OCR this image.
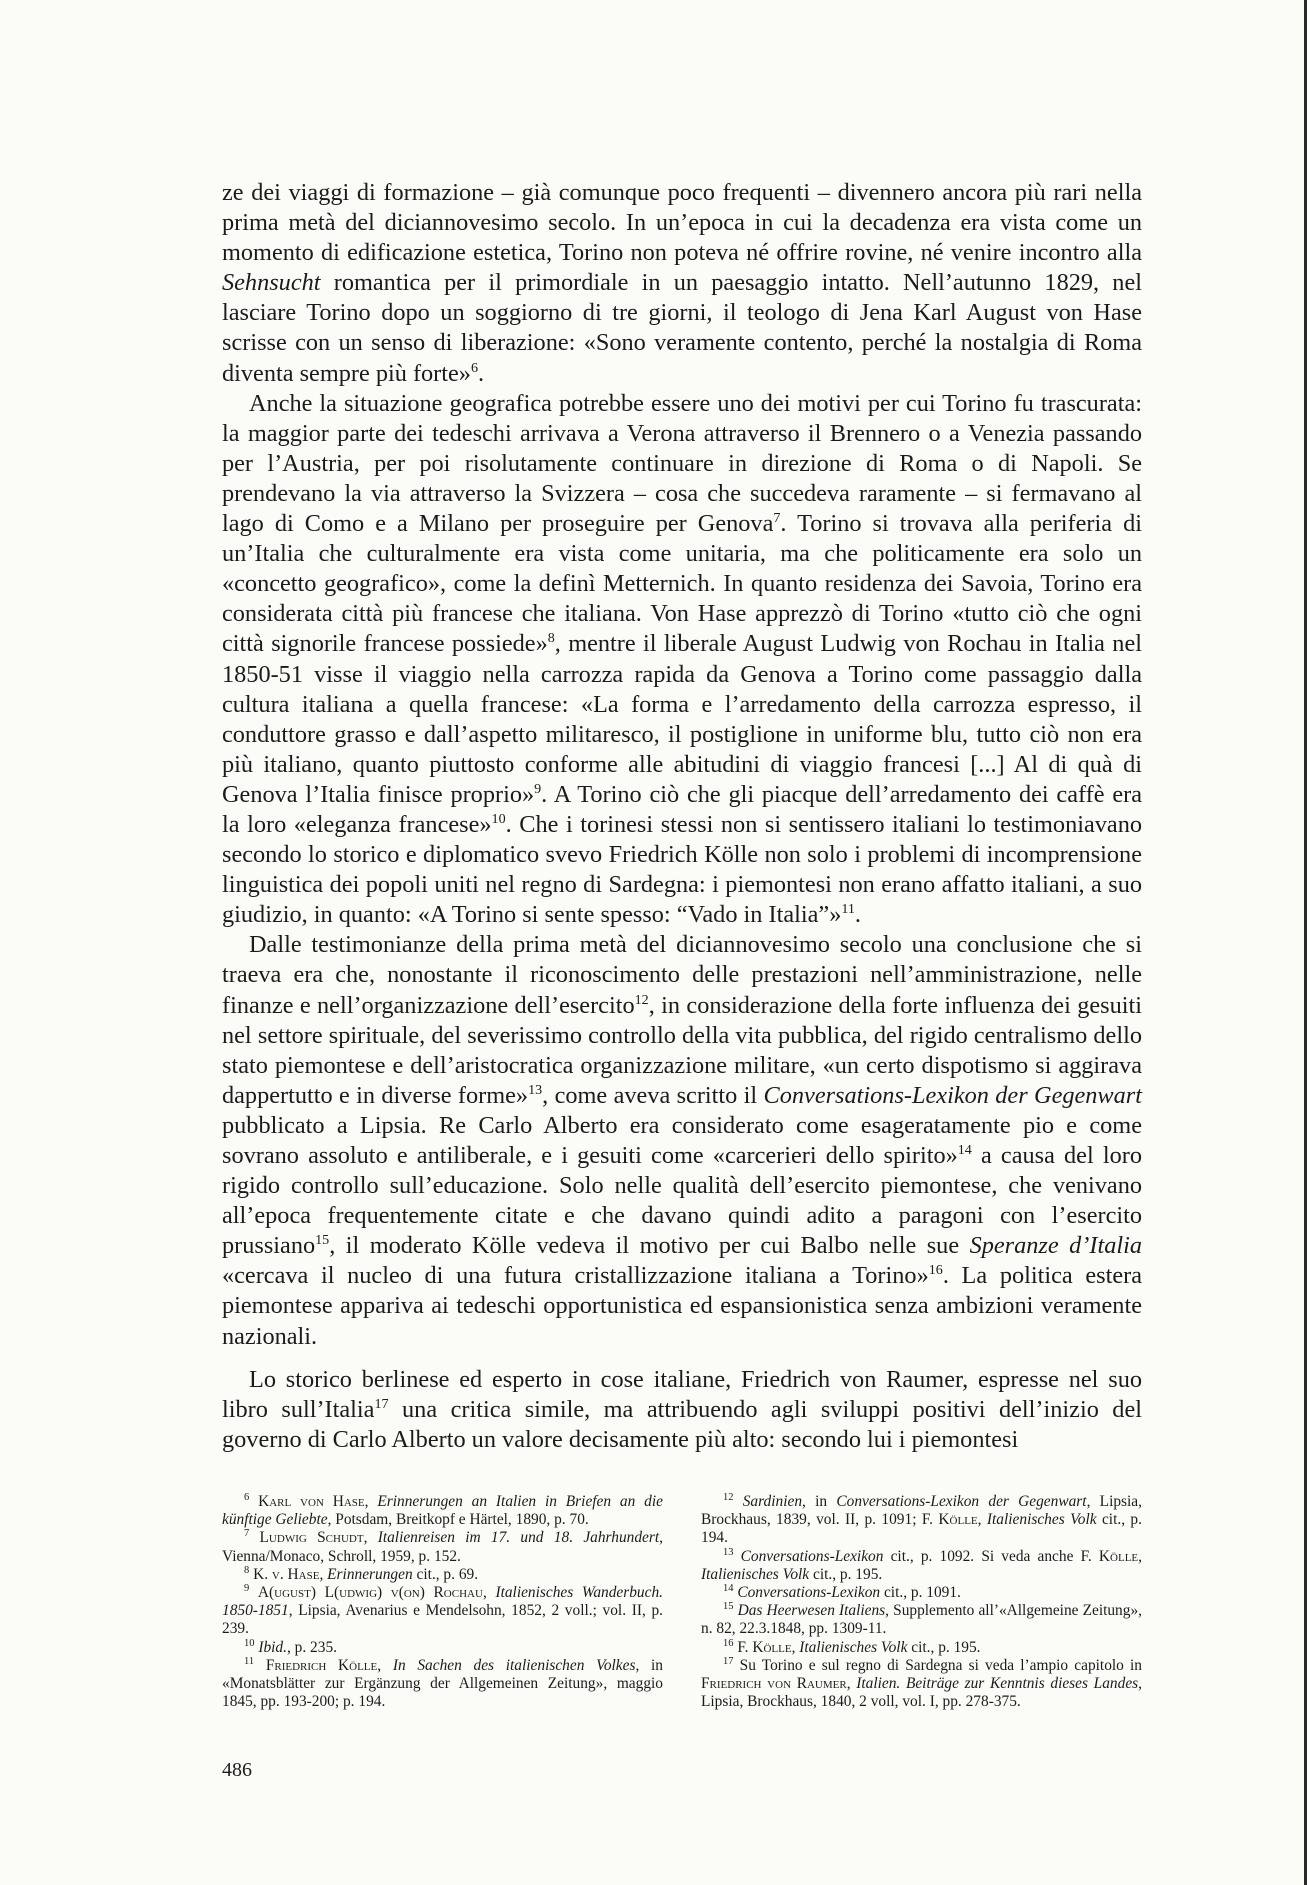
ze dei viaggi di formazione – già comunque poco frequenti – divennero ancora più rari nella prima metà del diciannovesimo secolo. In un’epoca in cui la decadenza era vista come un momento di edificazione estetica, Torino non poteva né offrire rovine, né venire incontro alla Sehnsucht romantica per il primordiale in un paesaggio intatto. Nell’autunno 1829, nel lasciare Torino dopo un soggiorno di tre giorni, il teologo di Jena Karl August von Hase scrisse con un senso di liberazione: «Sono veramente contento, perché la nostalgia di Roma diventa sempre più forte»$^6$.

Anche la situazione geografica potrebbe essere uno dei motivi per cui Torino fu trascurata: la maggior parte dei tedeschi arrivava a Verona attraverso il Brennero o a Venezia passando per l’Austria, per poi risolutamente continuare in direzione di Roma o di Napoli. Se prendevano la via attraverso la Svizzera – cosa che succedeva raramente – si fermavano al lago di Como e a Milano per proseguire per Genova$^7$. Torino si trovava alla periferia di un’Italia che culturalmente era vista come unitaria, ma che politicamente era solo un «concetto geografico», come la definì Metternich. In quanto residenza dei Savoia, Torino era considerata città più francese che italiana. Von Hase apprezzò di Torino «tutto ciò che ogni città signorile francese possiede»$^8$, mentre il liberale August Ludwig von Rochau in Italia nel 1850-51 visse il viaggio nella carrozza rapida da Genova a Torino come passaggio dalla cultura italiana a quella francese: «La forma e l’arredamento della carrozza espresso, il conduttore grasso e dall’aspetto militaresco, il postiglione in uniforme blu, tutto ciò non era più italiano, quanto piuttosto conforme alle abitudini di viaggio francesi [...] Al di quà di Genova l’Italia finisce proprio»$^9$. A Torino ciò che gli piacque dell’arredamento dei caffè era la loro «eleganza francese»$^{10}$. Che i torinesi stessi non si sentissero italiani lo testimoniavano secondo lo storico e diplomatico svevo Friedrich Kölle non solo i problemi di incomprensione linguistica dei popoli uniti nel regno di Sardegna: i piemontesi non erano affatto italiani, a suo giudizio, in quanto: «A Torino si sente spesso: “Vado in Italia”»$^{11}$.

Dalle testimonianze della prima metà del diciannovesimo secolo una conclusione che si traeva era che, nonostante il riconoscimento delle prestazioni nell’amministrazione, nelle finanze e nell’organizzazione dell’esercito$^{12}$, in considerazione della forte influenza dei gesuiti nel settore spirituale, del severissimo controllo della vita pubblica, del rigido centralismo dello stato piemontese e dell’aristocratica organizzazione militare, «un certo dispotismo si aggirava dappertutto e in diverse forme»$^{13}$, come aveva scritto il Conversations-Lexikon der Gegenwart pubblicato a Lipsia. Re Carlo Alberto era considerato come esageratamente pio e come sovrano assoluto e antiliberale, e i gesuiti come «carcerieri dello spirito»$^{14}$ a causa del loro rigido controllo sull’educazione. Solo nelle qualità dell’esercito piemontese, che venivano all’epoca frequentemente citate e che davano quindi adito a paragoni con l’esercito prussiano$^{15}$, il moderato Kölle vedeva il motivo per cui Balbo nelle sue Speranze d’Italia «cercava il nucleo di una futura cristallizzazione italiana a Torino»$^{16}$. La politica estera piemontese appariva ai tedeschi opportunistica ed espansionistica senza ambizioni veramente nazionali.

Lo storico berlinese ed esperto in cose italiane, Friedrich von Raumer, espresse nel suo libro sull’Italia$^{17}$ una critica simile, ma attribuendo agli sviluppi positivi dell’inizio del governo di Carlo Alberto un valore decisamente più alto: secondo lui i piemontesi

$^6$ Karl von Hase, Erinnerungen an Italien in Briefen an die künftige Geliebte, Potsdam, Breitkopf e Härtel, 1890, p. 70.

$^7$ Ludwig Schudt, Italienreisen im 17. und 18. Jahrhundert, Vienna/Monaco, Schroll, 1959, p. 152.

$^8$ K. v. Hase, Erinnerungen cit., p. 69.

$^9$ A(ugust) L(udwig) v(on) Rochau, Italienisches Wanderbuch. 1850-1851, Lipsia, Avenarius e Mendelsohn, 1852, 2 voll.; vol. II, p. 239.

$^{10}$ Ibid., p. 235.

$^{11}$ Friedrich Kölle, In Sachen des italienischen Volkes, in «Monatsblätter zur Ergänzung der Allgemeinen Zeitung», maggio 1845, pp. 193-200; p. 194.

$^{12}$ Sardinien, in Conversations-Lexikon der Gegenwart, Lipsia, Brockhaus, 1839, vol. II, p. 1091; F. Kölle, Italienisches Volk cit., p. 194.

$^{13}$ Conversations-Lexikon cit., p. 1092. Si veda anche F. Kölle, Italienisches Volk cit., p. 195.

$^{14}$ Conversations-Lexikon cit., p. 1091.

$^{15}$ Das Heerwesen Italiens, Supplemento all’«Allgemeine Zeitung», n. 82, 22.3.1848, pp. 1309-11.

$^{16}$ F. Kölle, Italienisches Volk cit., p. 195.

$^{17}$ Su Torino e sul regno di Sardegna si veda l’ampio capitolo in Friedrich von Raumer, Italien. Beiträge zur Kenntnis dieses Landes, Lipsia, Brockhaus, 1840, 2 voll, vol. I, pp. 278-375.

486
